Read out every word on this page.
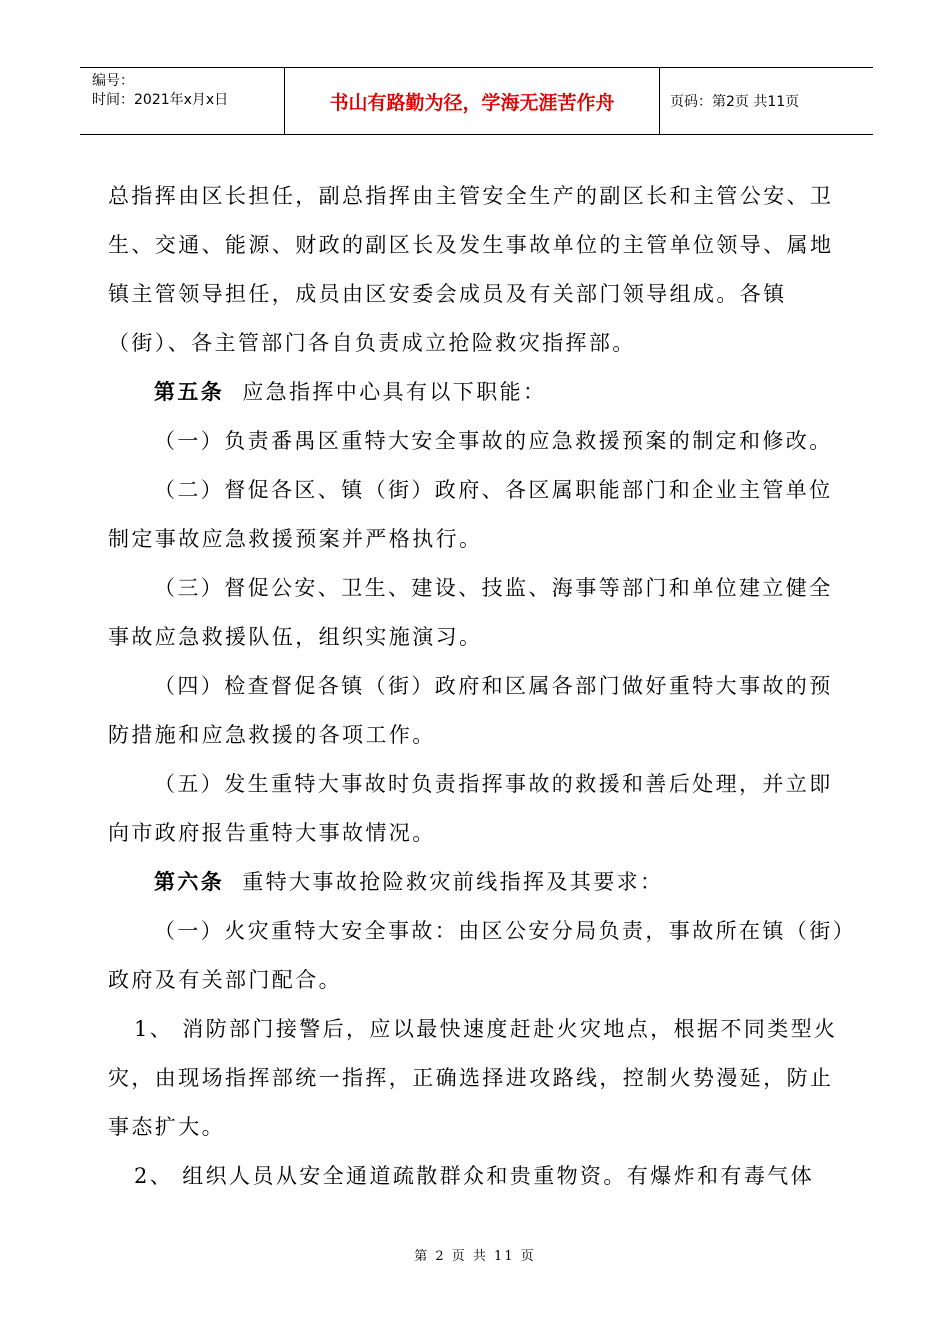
编号：
时间：2021年x月x日	书山有路勤为径，学海无涯苦作舟	页码：第2页 共11页

总指挥由区长担任，副总指挥由主管安全生产的副区长和主管公安、卫生、交通、能源、财政的副区长及发生事故单位的主管单位领导、属地镇主管领导担任，成员由区安委会成员及有关部门领导组成。各镇（街）、各主管部门各自负责成立抢险救灾指挥部。

第五条 应急指挥中心具有以下职能：

（一）负责番禺区重特大安全事故的应急救援预案的制定和修改。

（二）督促各区、镇（街）政府、各区属职能部门和企业主管单位制定事故应急救援预案并严格执行。

（三）督促公安、卫生、建设、技监、海事等部门和单位建立健全事故应急救援队伍，组织实施演习。

（四）检查督促各镇（街）政府和区属各部门做好重特大事故的预防措施和应急救援的各项工作。

（五）发生重特大事故时负责指挥事故的救援和善后处理，并立即向市政府报告重特大事故情况。

第六条 重特大事故抢险救灾前线指挥及其要求：

（一）火灾重特大安全事故：由区公安分局负责，事故所在镇（街）政府及有关部门配合。

1、 消防部门接警后，应以最快速度赶赴火灾地点，根据不同类型火灾，由现场指挥部统一指挥，正确选择进攻路线，控制火势漫延，防止事态扩大。

2、 组织人员从安全通道疏散群众和贵重物资。有爆炸和有毒气体

第 2 页 共 11 页
